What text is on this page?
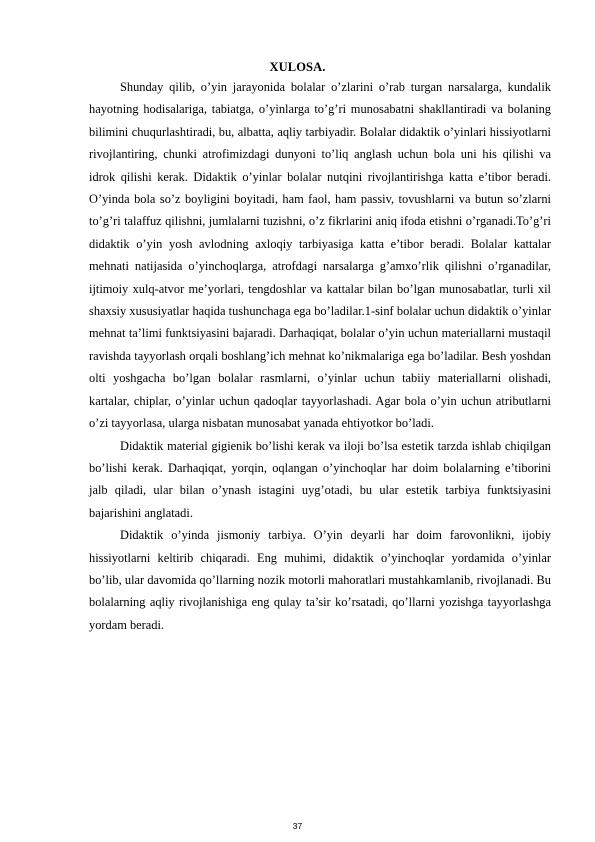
XULOSA.

Shunday qilib, o’yin jarayonida bolalar o’zlarini o’rab turgan narsalarga, kundalik hayotning hodisalariga, tabiatga, o’yinlarga to’g’ri munosabatni shakllantiradi va bolaning bilimini chuqurlashtiradi, bu, albatta, aqliy tarbiyadir. Bolalar didaktik o’yinlari hissiyotlarni rivojlantiring, chunki atrofimizdagi dunyoni to’liq anglash uchun bola uni his qilishi va idrok qilishi kerak. Didaktik o’yinlar bolalar nutqini rivojlantirishga katta e’tibor beradi. O’yinda bola so’z boyligini boyitadi, ham faol, ham passiv, tovushlarni va butun so’zlarni to’g’ri talaffuz qilishni, jumlalarni tuzishni, o’z fikrlarini aniq ifoda etishni o’rganadi.To’g’ri didaktik o’yin yosh avlodning axloqiy tarbiyasiga katta e’tibor beradi. Bolalar kattalar mehnati natijasida o’yinchoqlarga, atrofdagi narsalarga g’amxo’rlik qilishni o’rganadilar, ijtimoiy xulq-atvor me’yorlari, tengdoshlar va kattalar bilan bo’lgan munosabatlar, turli xil shaxsiy xususiyatlar haqida tushunchaga ega bo’ladilar.1-sinf bolalar uchun didaktik o’yinlar mehnat ta’limi funktsiyasini bajaradi. Darhaqiqat, bolalar o’yin uchun materiallarni mustaqil ravishda tayyorlash orqali boshlang’ich mehnat ko’nikmalariga ega bo’ladilar. Besh yoshdan olti yoshgacha bo’lgan bolalar rasmlarni, o’yinlar uchun tabiiy materiallarni olishadi, kartalar, chiplar, o’yinlar uchun qadoqlar tayyorlashadi. Agar bola o’yin uchun atributlarni o’zi tayyorlasa, ularga nisbatan munosabat yanada ehtiyotkor bo’ladi.

Didaktik material gigienik bo’lishi kerak va iloji bo’lsa estetik tarzda ishlab chiqilgan bo’lishi kerak. Darhaqiqat, yorqin, oqlangan o’yinchoqlar har doim bolalarning e’tiborini jalb qiladi, ular bilan o’ynash istagini uyg’otadi, bu ular estetik tarbiya funktsiyasini bajarishini anglatadi.

Didaktik o’yinda jismoniy tarbiya. O’yin deyarli har doim farovonlikni, ijobiy hissiyotlarni keltirib chiqaradi. Eng muhimi, didaktik o’yinchoqlar yordamida o’yinlar bo’lib, ular davomida qo’llarning nozik motorli mahoratlari mustahkamlanib, rivojlanadi. Bu bolalarning aqliy rivojlanishiga eng qulay ta’sir ko’rsatadi, qo’llarni yozishga tayyorlashga yordam beradi.

37
